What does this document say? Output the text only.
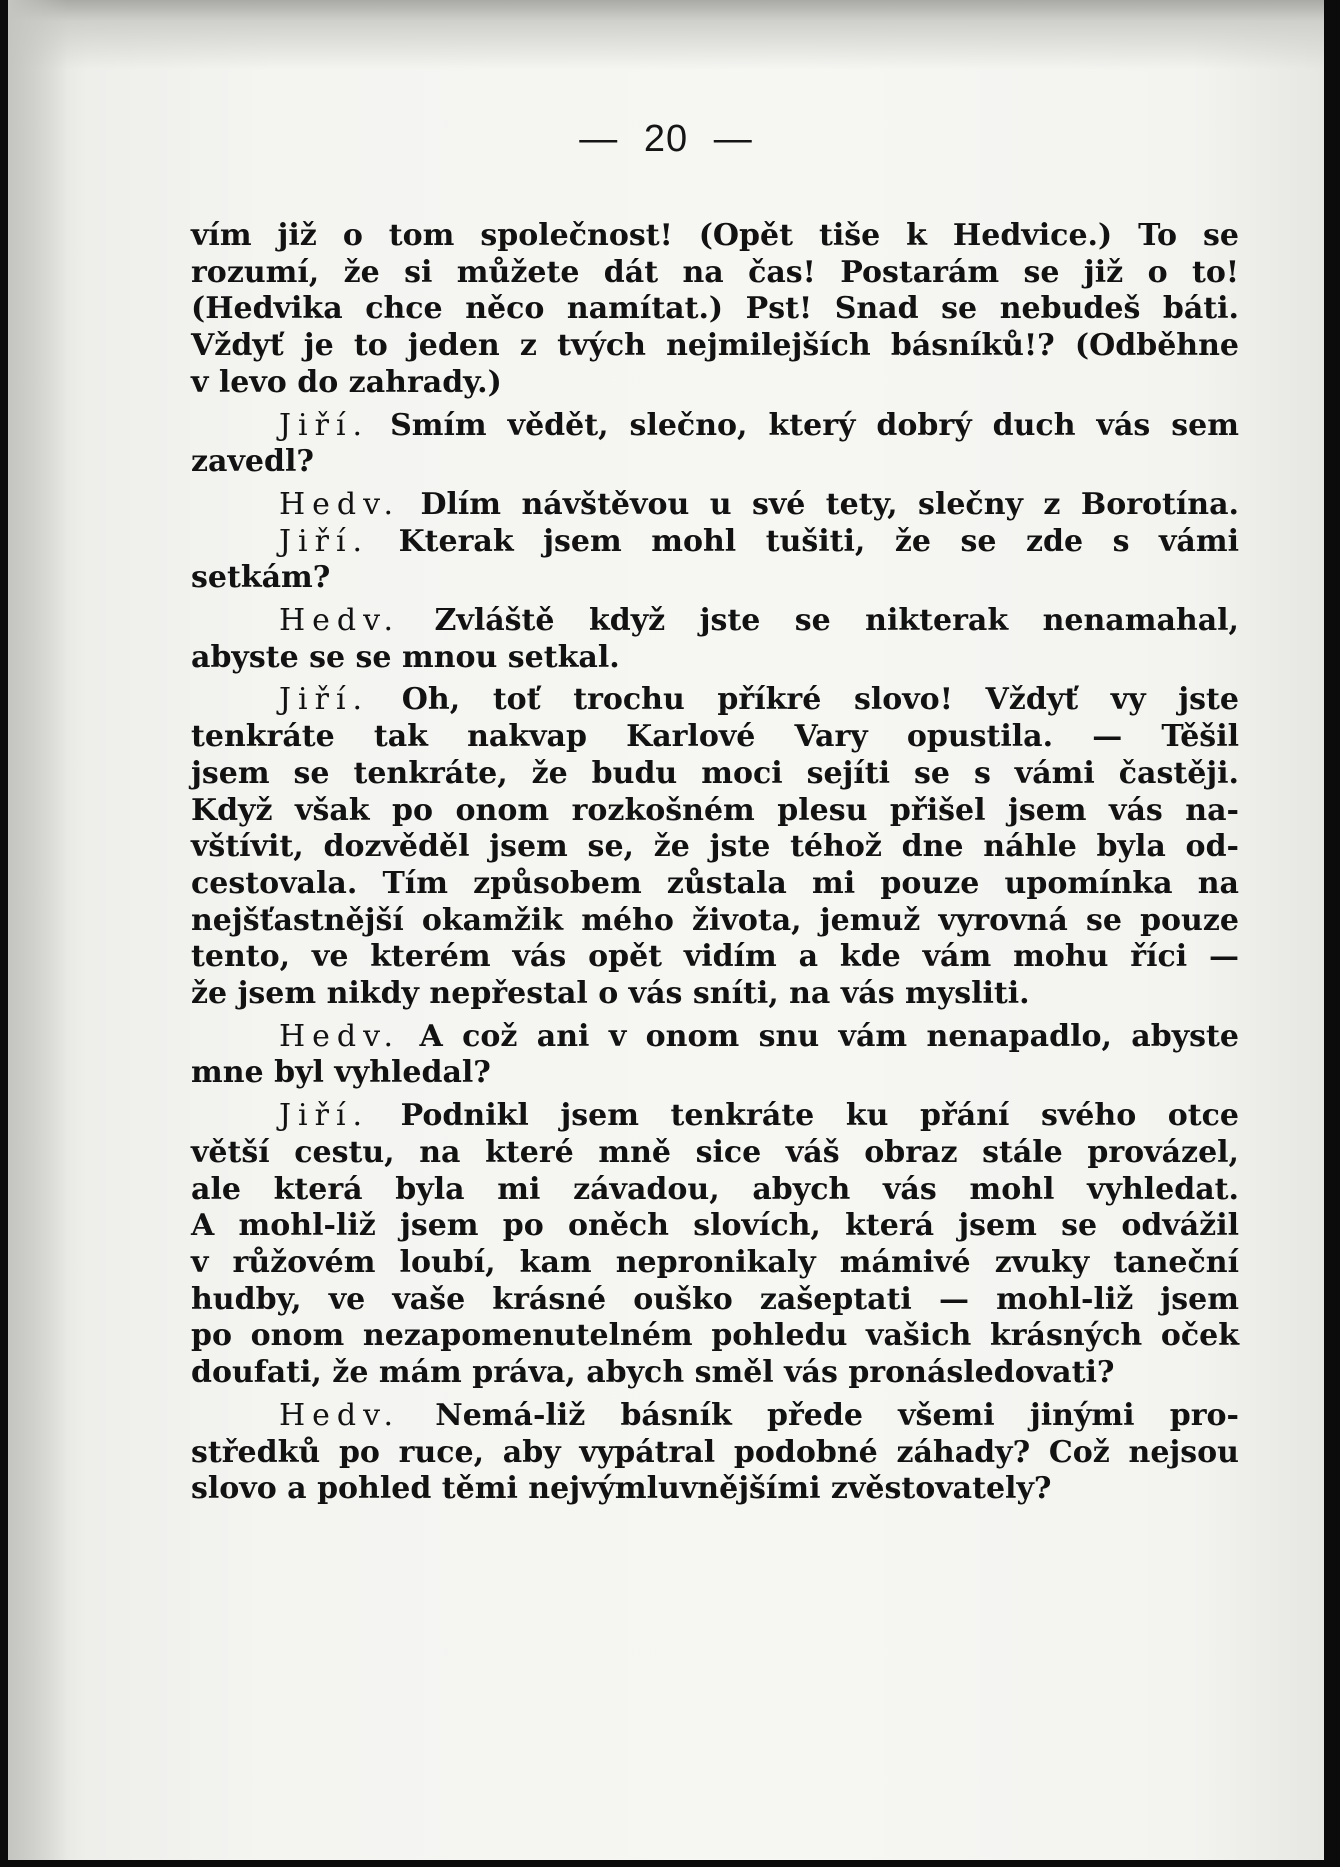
— 20 —
vím již o tom společnost! (Opět tiše k Hedvice.) To se
rozumí, že si můžete dát na čas! Postarám se již o to!
(Hedvika chce něco namítat.) Pst! Snad se nebudeš báti.
Vždyť je to jeden z tvých nejmilejších básníků!? (Odběhne
v levo do zahrady.)
Jiří. Smím vědět, slečno, který dobrý duch vás sem
zavedl?
Hedv. Dlím návštěvou u své tety, slečny z Borotína.
Jiří. Kterak jsem mohl tušiti, že se zde s vámi
setkám?
Hedv. Zvláště když jste se nikterak nenamahal,
abyste se se mnou setkal.
Jiří. Oh, toť trochu příkré slovo! Vždyť vy jste
tenkráte tak nakvap Karlové Vary opustila. — Těšil
jsem se tenkráte, že budu moci sejíti se s vámi častěji.
Když však po onom rozkošném plesu přišel jsem vás na-
vštívit, dozvěděl jsem se, že jste téhož dne náhle byla od-
cestovala. Tím způsobem zůstala mi pouze upomínka na
nejšťastnější okamžik mého života, jemuž vyrovná se pouze
tento, ve kterém vás opět vidím a kde vám mohu říci —
že jsem nikdy nepřestal o vás sníti, na vás mysliti.
Hedv. A což ani v onom snu vám nenapadlo, abyste
mne byl vyhledal?
Jiří. Podnikl jsem tenkráte ku přání svého otce
větší cestu, na které mně sice váš obraz stále provázel,
ale která byla mi závadou, abych vás mohl vyhledat.
A mohl-liž jsem po oněch slovích, která jsem se odvážil
v růžovém loubí, kam nepronikaly mámivé zvuky taneční
hudby, ve vaše krásné ouško zašeptati — mohl-liž jsem
po onom nezapomenutelném pohledu vašich krásných oček
doufati, že mám práva, abych směl vás pronásledovati?
Hedv. Nemá-liž básník přede všemi jinými pro-
středků po ruce, aby vypátral podobné záhady? Což nejsou
slovo a pohled těmi nejvýmluvnějšími zvěstovately?
